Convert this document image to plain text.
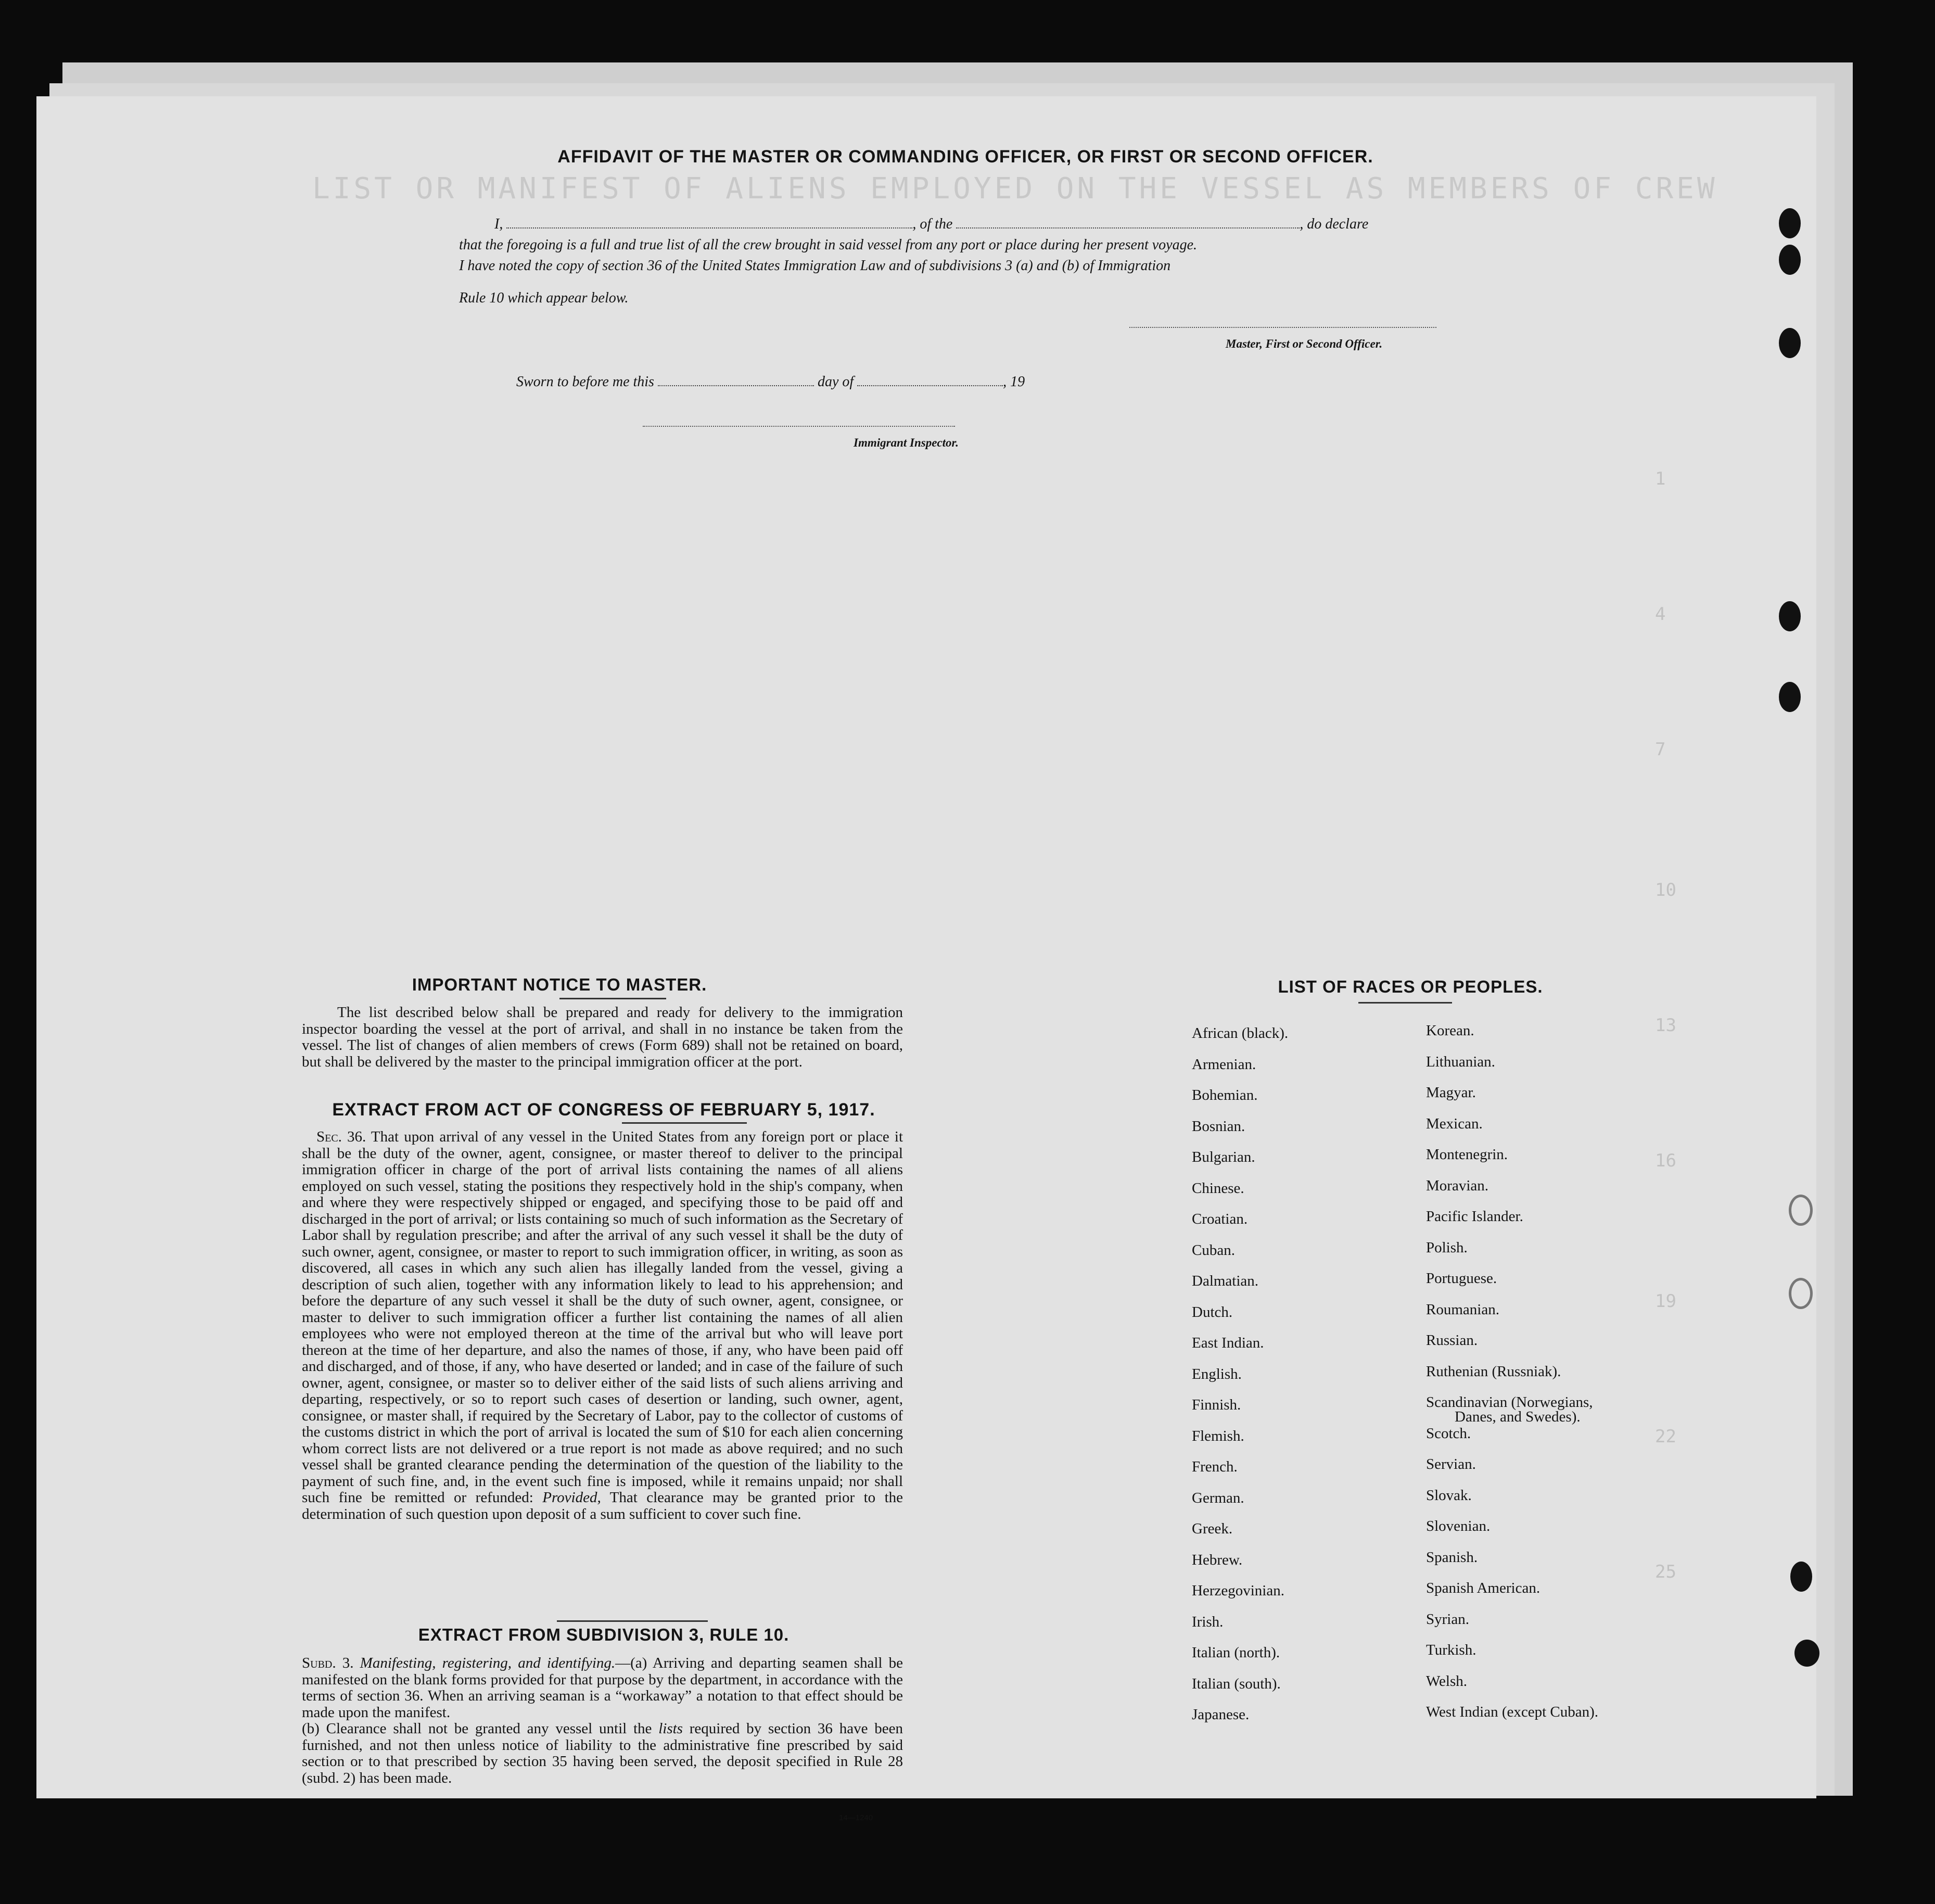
LIST OR MANIFEST OF ALIENS EMPLOYED ON THE VESSEL AS MEMBERS OF CREW
1
4
7
10
13
16
19
22
25
AFFIDAVIT OF THE MASTER OR COMMANDING OFFICER, OR FIRST OR SECOND OFFICER.
I,	, of the	, do declare
that the foregoing is a full and true list of all the crew brought in said vessel from any port or place during her present voyage.
I have noted the copy of section 36 of the United States Immigration Law and of subdivisions 3 (a) and (b) of Immigration
Rule 10 which appear below.
Master, First or Second Officer.
Sworn to before me this	day of	, 19
Immigrant Inspector.
IMPORTANT NOTICE TO MASTER.
The list described below shall be prepared and ready for delivery to the immigration inspector boarding the vessel at the port of arrival, and shall in no instance be taken from the vessel. The list of changes of alien members of crews (Form 689) shall not be retained on board, but shall be delivered by the master to the principal immigration officer at the port.
EXTRACT FROM ACT OF CONGRESS OF FEBRUARY 5, 1917.
Sec. 36. That upon arrival of any vessel in the United States from any foreign port or place it shall be the duty of the owner, agent, consignee, or master thereof to deliver to the principal immigration officer in charge of the port of arrival lists containing the names of all aliens employed on such vessel, stating the positions they respectively hold in the ship's company, when and where they were respectively shipped or engaged, and specifying those to be paid off and discharged in the port of arrival; or lists containing so much of such information as the Secretary of Labor shall by regulation prescribe; and after the arrival of any such vessel it shall be the duty of such owner, agent, consignee, or master to report to such immigration officer, in writing, as soon as discovered, all cases in which any such alien has illegally landed from the vessel, giving a description of such alien, together with any information likely to lead to his apprehension; and before the departure of any such vessel it shall be the duty of such owner, agent, consignee, or master to deliver to such immigration officer a further list containing the names of all alien employees who were not employed thereon at the time of the arrival but who will leave port thereon at the time of her departure, and also the names of those, if any, who have been paid off and discharged, and of those, if any, who have deserted or landed; and in case of the failure of such owner, agent, consignee, or master so to deliver either of the said lists of such aliens arriving and departing, respectively, or so to report such cases of desertion or landing, such owner, agent, consignee, or master shall, if required by the Secretary of Labor, pay to the collector of customs of the customs district in which the port of arrival is located the sum of $10 for each alien concerning whom correct lists are not delivered or a true report is not made as above required; and no such vessel shall be granted clearance pending the determination of the question of the liability to the payment of such fine, and, in the event such fine is imposed, while it remains unpaid; nor shall such fine be remitted or refunded: Provided, That clearance may be granted prior to the determination of such question upon deposit of a sum sufficient to cover such fine.
EXTRACT FROM SUBDIVISION 3, RULE 10.
Subd. 3. Manifesting, registering, and identifying.—(a) Arriving and departing seamen shall be manifested on the blank forms provided for that purpose by the department, in accordance with the terms of section 36. When an arriving seaman is a “workaway” a notation to that effect should be made upon the manifest.
(b) Clearance shall not be granted any vessel until the lists required by section 36 have been furnished, and not then unless notice of liability to the administrative fine prescribed by said section or to that prescribed by section 35 having been served, the deposit specified in Rule 28 (subd. 2) has been made.
14—1240
LIST OF RACES OR PEOPLES.
African (black).
Armenian.
Bohemian.
Bosnian.
Bulgarian.
Chinese.
Croatian.
Cuban.
Dalmatian.
Dutch.
East Indian.
English.
Finnish.
Flemish.
French.
German.
Greek.
Hebrew.
Herzegovinian.
Irish.
Italian (north).
Italian (south).
Japanese.
Korean.
Lithuanian.
Magyar.
Mexican.
Montenegrin.
Moravian.
Pacific Islander.
Polish.
Portuguese.
Roumanian.
Russian.
Ruthenian (Russniak).
Scandinavian (Norwegians,
Danes, and Swedes).
Scotch.
Servian.
Slovak.
Slovenian.
Spanish.
Spanish American.
Syrian.
Turkish.
Welsh.
West Indian (except Cuban).
